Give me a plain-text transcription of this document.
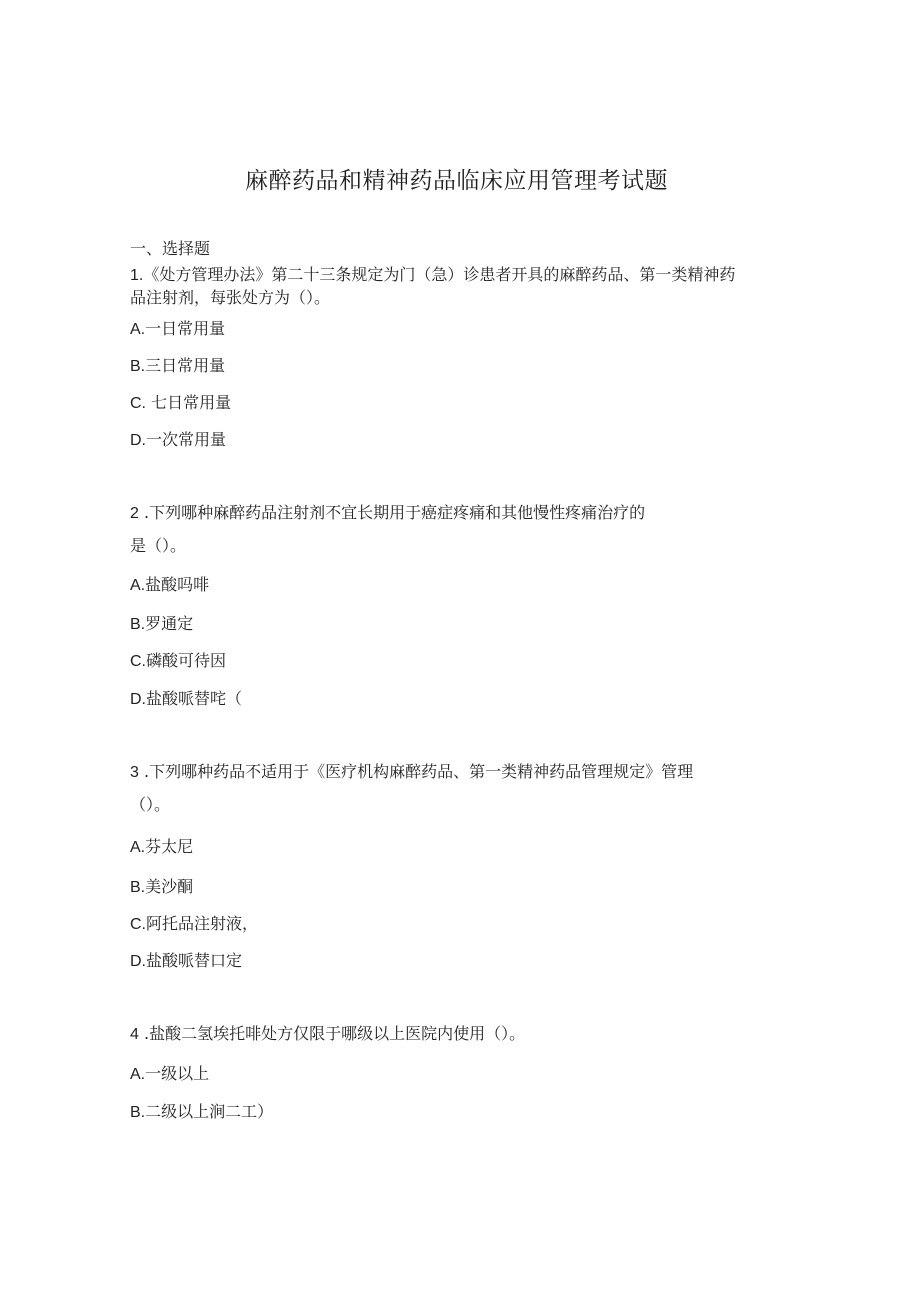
麻醉药品和精神药品临床应用管理考试题
一、选择题
1.《处方管理办法》第二十三条规定为门（急）诊患者开具的麻醉药品、第一类精神药
品注射剂，每张处方为（）。
A.一日常用量
B.三日常用量
C. 七日常用量
D.一次常用量
2 .下列哪种麻醉药品注射剂不宜长期用于癌症疼痛和其他慢性疼痛治疗的
是（）。
A.盐酸吗啡
B.罗通定
C.磷酸可待因
D.盐酸哌替咤（
3 .下列哪种药品不适用于《医疗机构麻醉药品、第一类精神药品管理规定》管理
（）。
A.芬太尼
B.美沙酮
C.阿托品注射液，
D.盐酸哌替口定
4 .盐酸二氢埃托啡处方仅限于哪级以上医院内使用（）。
A.一级以上
B.二级以上涧二工）
